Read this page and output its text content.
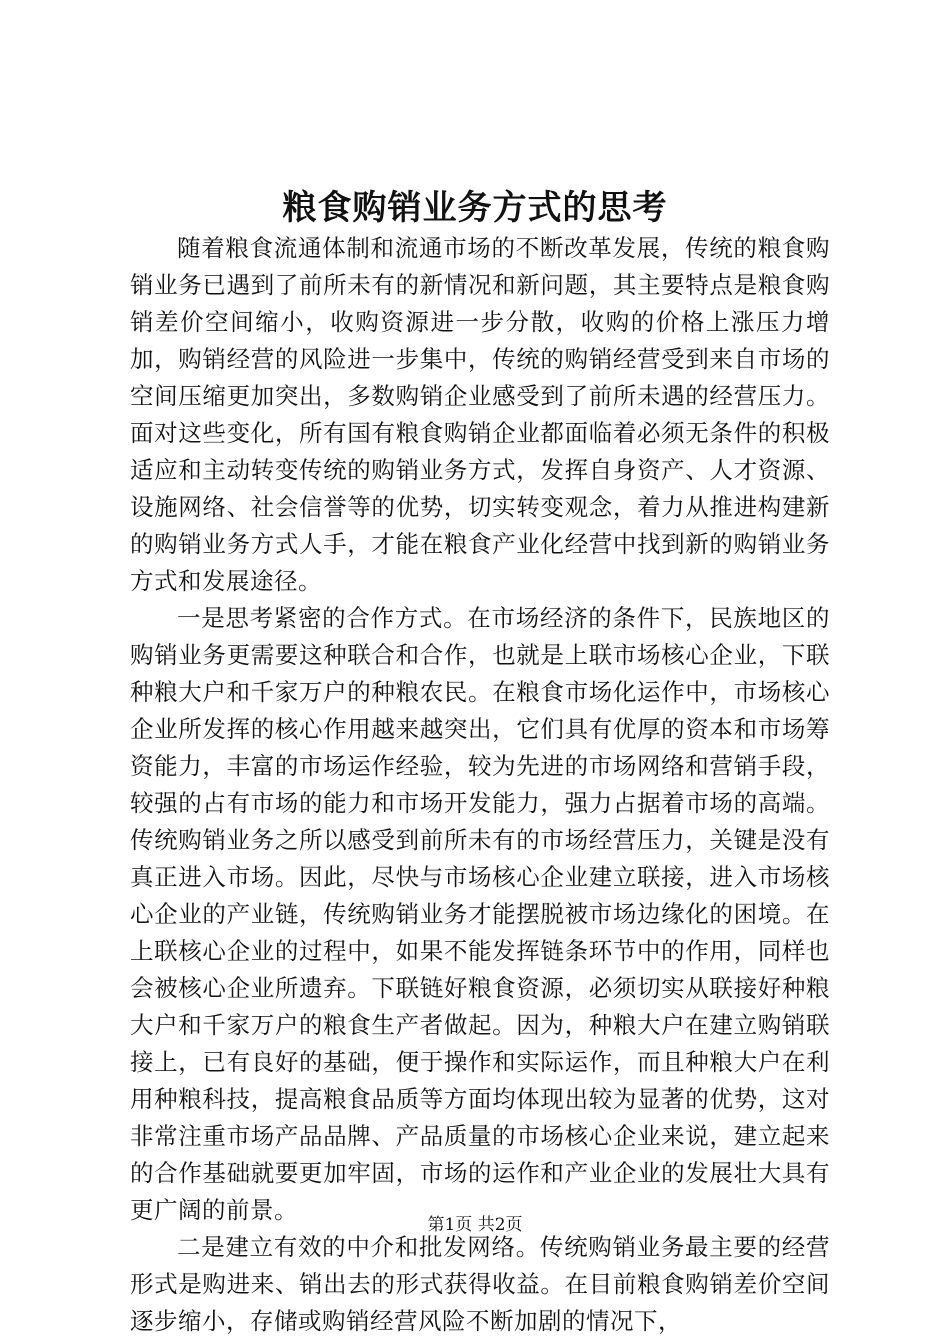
粮食购销业务方式的思考

随着粮食流通体制和流通市场的不断改革发展，传统的粮食购销业务已遇到了前所未有的新情况和新问题，其主要特点是粮食购销差价空间缩小，收购资源进一步分散，收购的价格上涨压力增加，购销经营的风险进一步集中，传统的购销经营受到来自市场的空间压缩更加突出，多数购销企业感受到了前所未遇的经营压力。面对这些变化，所有国有粮食购销企业都面临着必须无条件的积极适应和主动转变传统的购销业务方式，发挥自身资产、人才资源、设施网络、社会信誉等的优势，切实转变观念，着力从推进构建新的购销业务方式人手，才能在粮食产业化经营中找到新的购销业务方式和发展途径。

一是思考紧密的合作方式。在市场经济的条件下，民族地区的购销业务更需要这种联合和合作，也就是上联市场核心企业，下联种粮大户和千家万户的种粮农民。在粮食市场化运作中，市场核心企业所发挥的核心作用越来越突出，它们具有优厚的资本和市场筹资能力，丰富的市场运作经验，较为先进的市场网络和营销手段，较强的占有市场的能力和市场开发能力，强力占据着市场的高端。传统购销业务之所以感受到前所未有的市场经营压力，关键是没有真正进入市场。因此，尽快与市场核心企业建立联接，进入市场核心企业的产业链，传统购销业务才能摆脱被市场边缘化的困境。在上联核心企业的过程中，如果不能发挥链条环节中的作用，同样也会被核心企业所遗弃。下联链好粮食资源，必须切实从联接好种粮大户和千家万户的粮食生产者做起。因为，种粮大户在建立购销联接上，已有良好的基础，便于操作和实际运作，而且种粮大户在利用种粮科技，提高粮食品质等方面均体现出较为显著的优势，这对非常注重市场产品品牌、产品质量的市场核心企业来说，建立起来的合作基础就要更加牢固，市场的运作和产业企业的发展壮大具有更广阔的前景。

二是建立有效的中介和批发网络。传统购销业务最主要的经营形式是购进来、销出去的形式获得收益。在目前粮食购销差价空间逐步缩小，存储或购销经营风险不断加剧的情况下，

第1页 共2页
